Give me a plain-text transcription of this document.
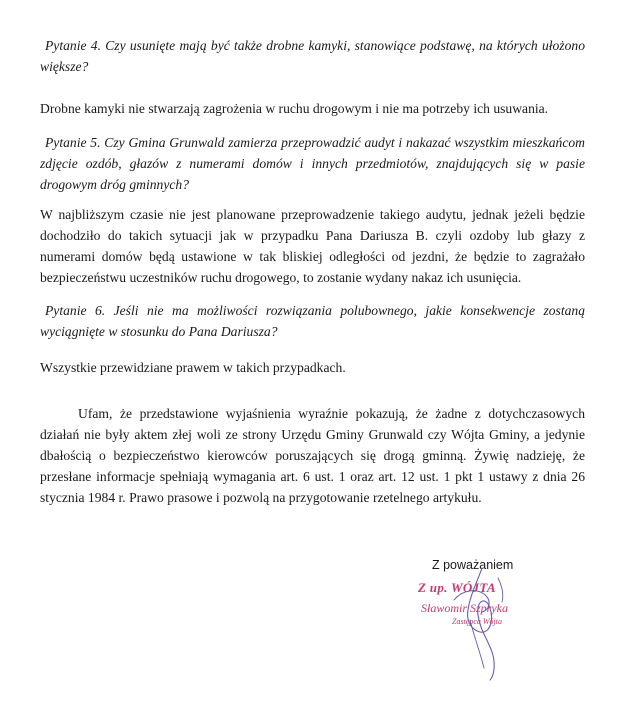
Pytanie 4. Czy usunięte mają być także drobne kamyki, stanowiące podstawę, na których ułożono większe?

Drobne kamyki nie stwarzają zagrożenia w ruchu drogowym i nie ma potrzeby ich usuwania.

Pytanie 5. Czy Gmina Grunwald zamierza przeprowadzić audyt i nakazać wszystkim mieszkańcom zdjęcie ozdób, głazów z numerami domów i innych przedmiotów, znajdujących się w pasie drogowym dróg gminnych?

W najbliższym czasie nie jest planowane przeprowadzenie takiego audytu, jednak jeżeli będzie dochodziło do takich sytuacji jak w przypadku Pana Dariusza B. czyli ozdoby lub głazy z numerami domów będą ustawione w tak bliskiej odległości od jezdni, że będzie to zagrażało bezpieczeństwu uczestników ruchu drogowego, to zostanie wydany nakaz ich usunięcia.

Pytanie 6. Jeśli nie ma możliwości rozwiązania polubownego, jakie konsekwencje zostaną wyciągnięte w stosunku do Pana Dariusza?

Wszystkie przewidziane prawem w takich przypadkach.

Ufam, że przedstawione wyjaśnienia wyraźnie pokazują, że żadne z dotychczasowych działań nie były aktem złej woli ze strony Urzędu Gminy Grunwald czy Wójta Gminy, a jedynie dbałością o bezpieczeństwo kierowców poruszających się drogą gminną. Żywię nadzieję, że przesłane informacje spełniają wymagania art. 6 ust. 1 oraz art. 12 ust. 1 pkt 1 ustawy z dnia 26 stycznia 1984 r. Prawo prasowe i pozwolą na przygotowanie rzetelnego artykułu.

Z poważaniem
Z up. WÓJTA
Sławomir Szpryka
Zastępca Wójta
